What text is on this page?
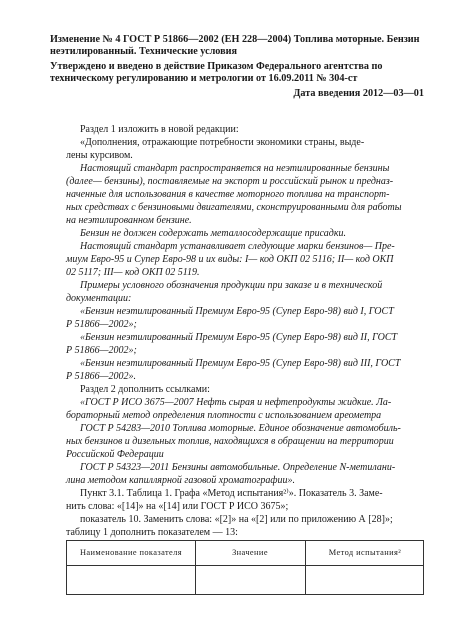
Изменение № 4 ГОСТ Р 51866—2002 (ЕН 228—2004) Топлива моторные. Бензин неэтилированный. Технические условия
Утверждено и введено в действие Приказом Федерального агентства по техническому регулированию и метрологии от 16.09.2011 № 304-ст
Дата введения 2012—03—01
Раздел 1 изложить в новой редакции:
«Дополнения, отражающие потребности экономики страны, выде-
лены курсивом.
Настоящий стандарт распространяется на неэтилированные бензины
(далее— бензины), поставляемые на экспорт и российский рынок и предназ-
наченные для использования в качестве моторного топлива на транспорт-
ных средствах с бензиновыми двигателями, сконструированными для работы
на неэтилированном бензине.
Бензин не должен содержать металлосодержащие присадки.
Настоящий стандарт устанавливает следующие марки бензинов— Пре-
миум Евро-95 и Супер Евро-98 и их виды: I— код ОКП 02 5116; II— код ОКП
02 5117; III— код ОКП 02 5119.
Примеры условного обозначения продукции при заказе и в технической
документации:
«Бензин неэтилированный Премиум Евро-95 (Супер Евро-98) вид I, ГОСТ
Р 51866—2002»;
«Бензин неэтилированный Премиум Евро-95 (Супер Евро-98) вид II, ГОСТ
Р 51866—2002»;
«Бензин неэтилированный Премиум Евро-95 (Супер Евро-98) вид III, ГОСТ
Р 51866—2002».
Раздел 2 дополнить ссылками:
«ГОСТ Р ИСО 3675—2007 Нефть сырая и нефтепродукты жидкие. Ла-
бораторный метод определения плотности с использованием ареометра
ГОСТ Р 54283—2010 Топлива моторные. Единое обозначение автомобиль-
ных бензинов и дизельных топлив, находящихся в обращении на территории
Российской Федерации
ГОСТ Р 54323—2011 Бензины автомобильные. Определение N-метилани-
лина методом капиллярной газовой хроматографии».
Пункт 3.1. Таблица 1. Графа «Метод испытания²⁾». Показатель 3. Заме-
нить слова: «[14]» на «[14] или ГОСТ Р ИСО 3675»;
показатель 10. Заменить слова: «[2]» на «[2] или по приложению А [28]»;
таблицу 1 дополнить показателем — 13:
Наименование показателя	Значение	Метод испытания²
